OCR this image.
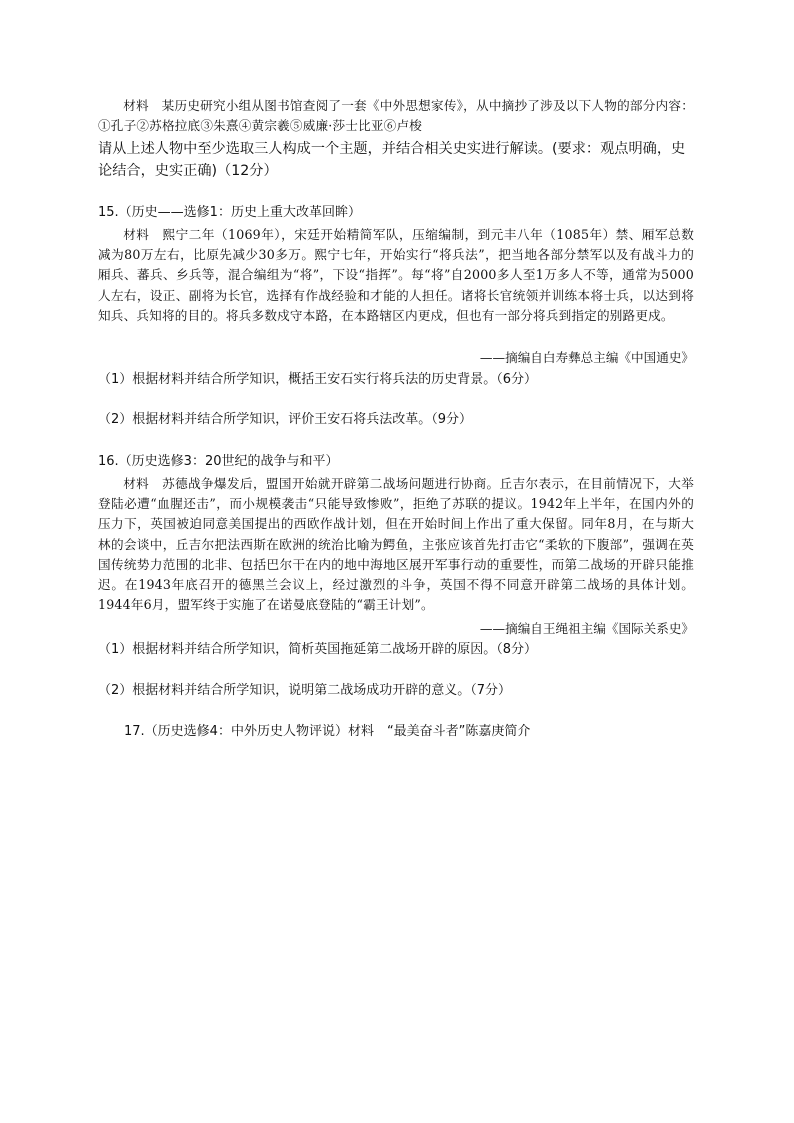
材料　某历史研究小组从图书馆查阅了一套《中外思想家传》，从中摘抄了涉及以下人物的部分内容：①孔子②苏格拉底③朱熹④黄宗羲⑤威廉·莎士比亚⑥卢梭
请从上述人物中至少选取三人构成一个主题，并结合相关史实进行解读。(要求：观点明确，史论结合，史实正确)（12分）
15.（历史——选修1：历史上重大改革回眸）
材料　熙宁二年（1069年），宋廷开始精简军队，压缩编制，到元丰八年（1085年）禁、厢军总数减为80万左右，比原先减少30多万。熙宁七年，开始实行“将兵法”，把当地各部分禁军以及有战斗力的厢兵、蕃兵、乡兵等，混合编组为“将”，下设“指挥”。每“将”自2000多人至1万多人不等，通常为5000人左右，设正、副将为长官，选择有作战经验和才能的人担任。诸将长官统领并训练本将士兵，以达到将知兵、兵知将的目的。将兵多数戍守本路，在本路辖区内更戍，但也有一部分将兵到指定的别路更戍。
——摘编自白寿彝总主编《中国通史》
（1）根据材料并结合所学知识，概括王安石实行将兵法的历史背景。（6分）
（2）根据材料并结合所学知识，评价王安石将兵法改革。（9分）
16.（历史选修3：20世纪的战争与和平）
材料　苏德战争爆发后，盟国开始就开辟第二战场问题进行协商。丘吉尔表示，在目前情况下，大举登陆必遭“血腥还击”，而小规模袭击“只能导致惨败”，拒绝了苏联的提议。1942年上半年，在国内外的压力下，英国被迫同意美国提出的西欧作战计划，但在开始时间上作出了重大保留。同年8月，在与斯大林的会谈中，丘吉尔把法西斯在欧洲的统治比喻为鳄鱼，主张应该首先打击它“柔软的下腹部”，强调在英国传统势力范围的北非、包括巴尔干在内的地中海地区展开军事行动的重要性，而第二战场的开辟只能推迟。在1943年底召开的德黑兰会议上，经过激烈的斗争，英国不得不同意开辟第二战场的具体计划。1944年6月，盟军终于实施了在诺曼底登陆的“霸王计划”。
——摘编自王绳祖主编《国际关系史》
（1）根据材料并结合所学知识，简析英国拖延第二战场开辟的原因。（8分）
（2）根据材料并结合所学知识，说明第二战场成功开辟的意义。（7分）
17.（历史选修4：中外历史人物评说）材料　“最美奋斗者”陈嘉庚简介
